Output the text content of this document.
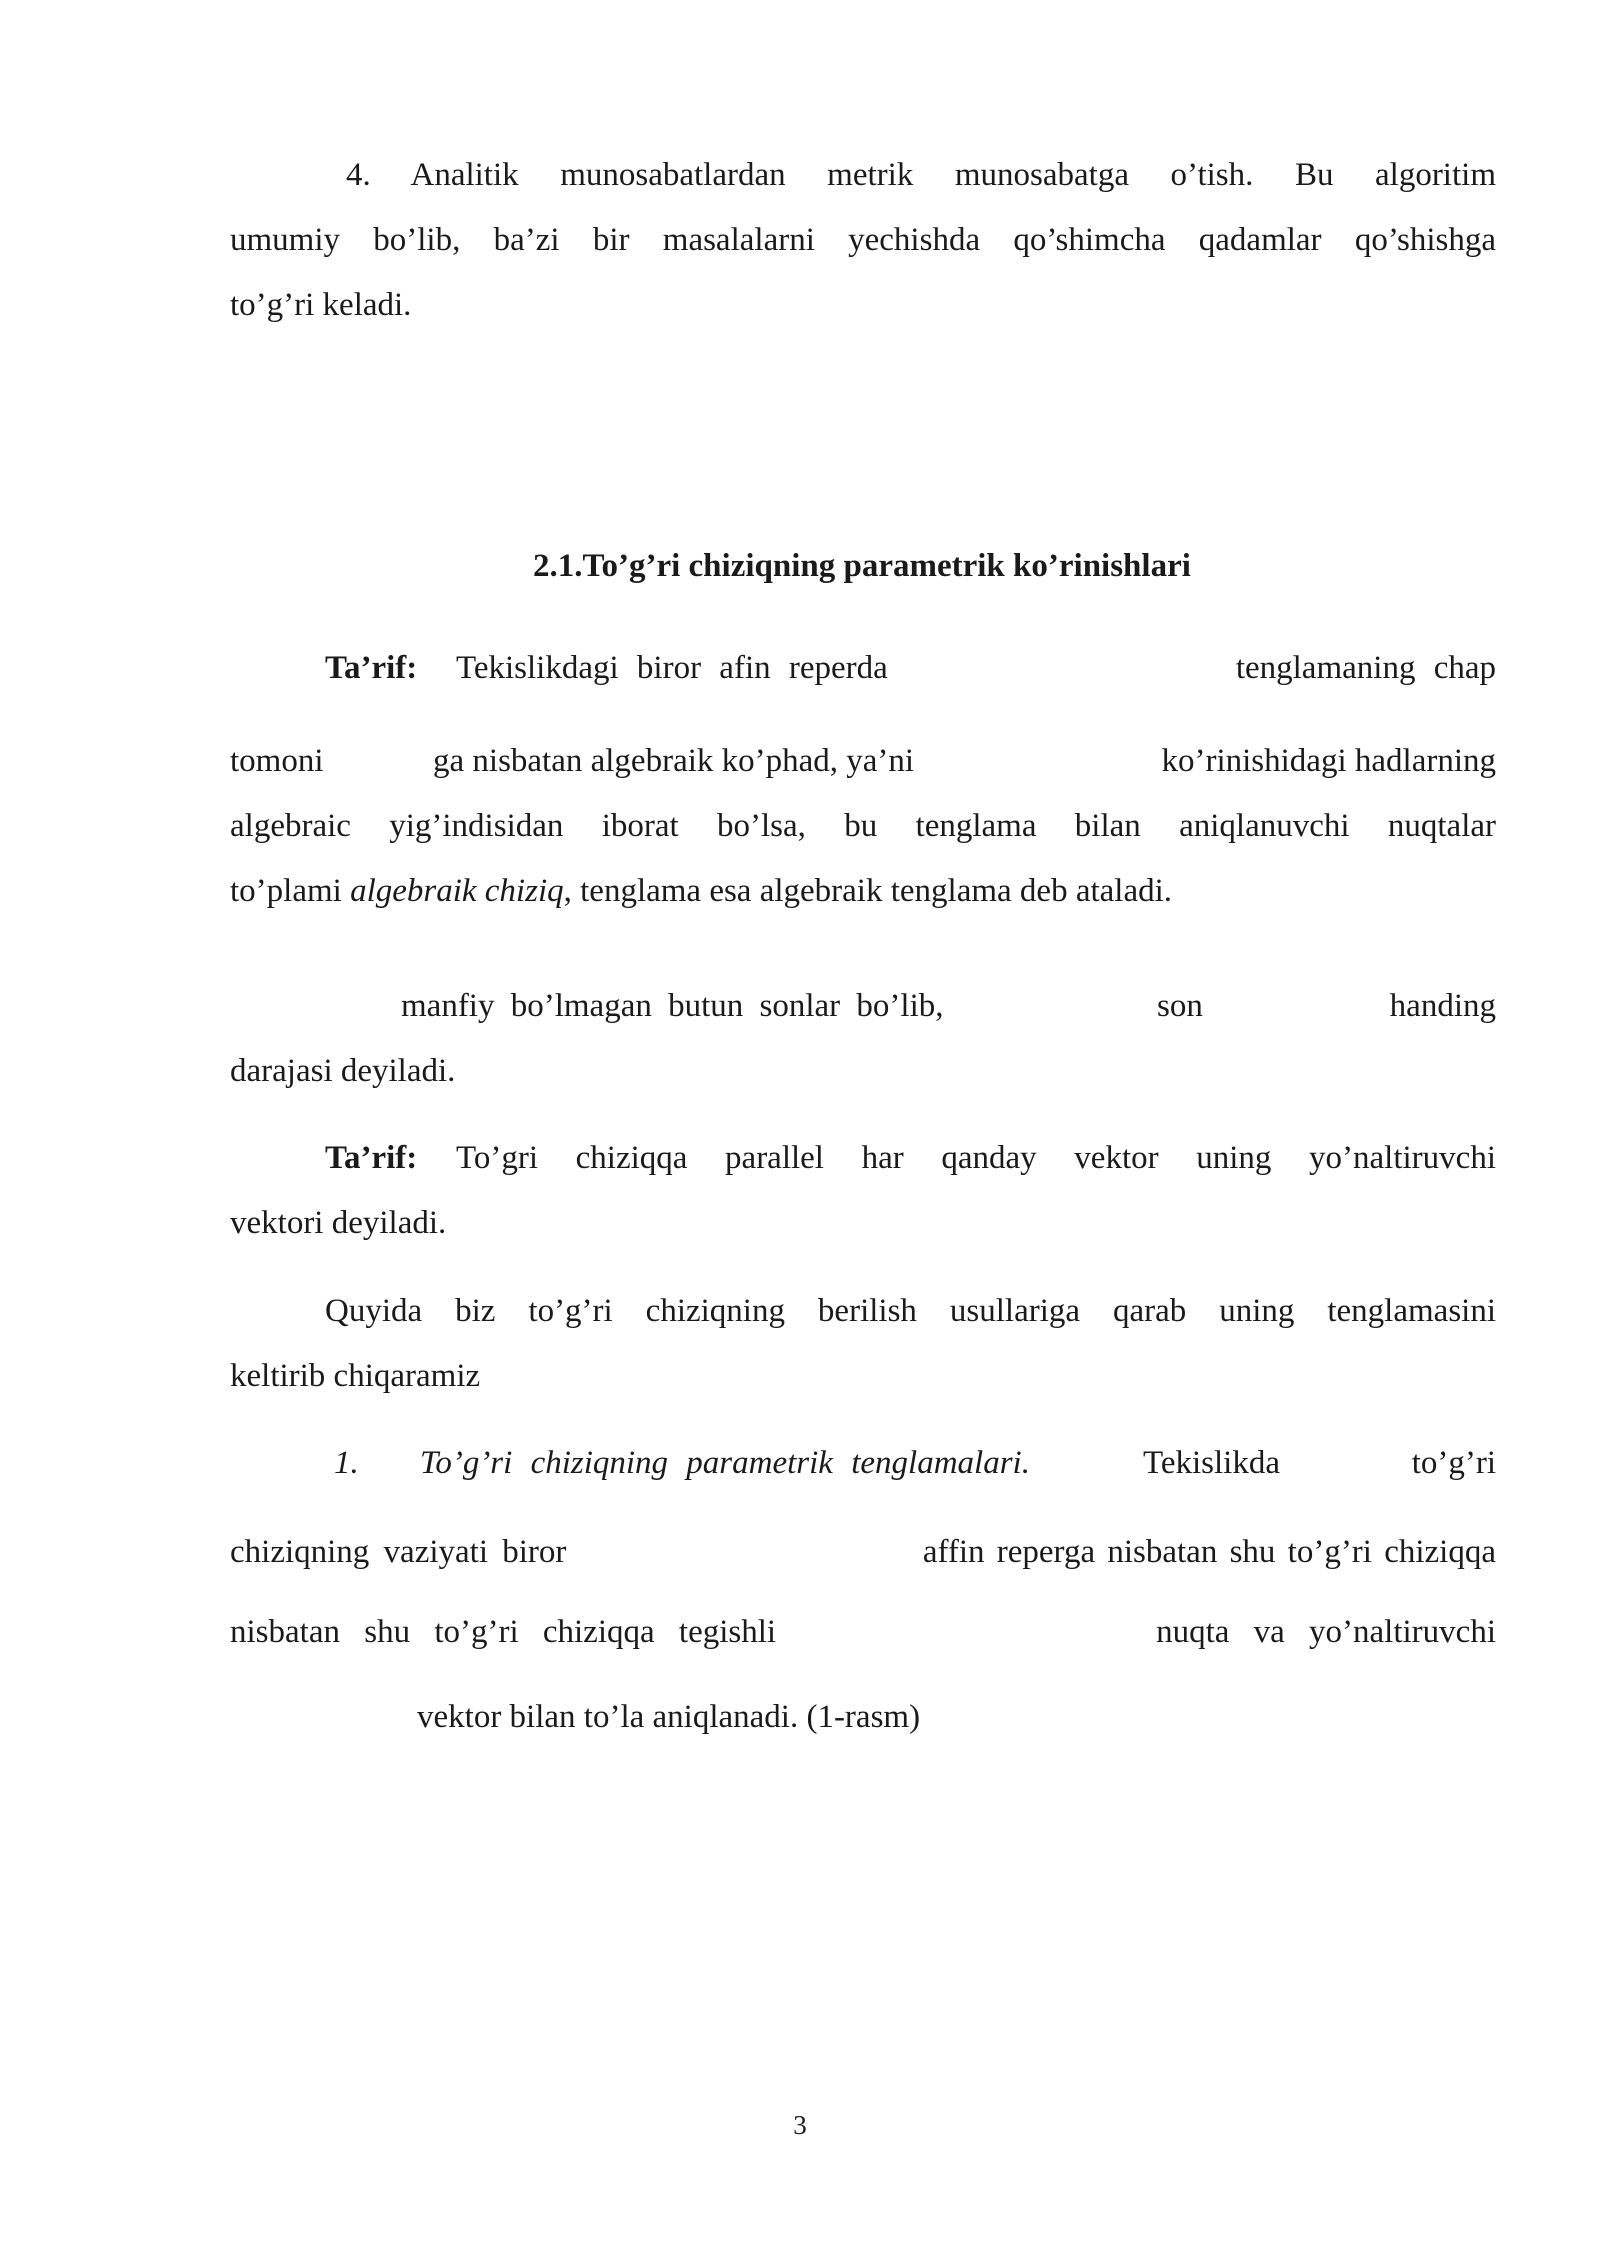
4. Analitik munosabatlardan metrik munosabatga o’tish. Bu algoritim
umumiy bo’lib, ba’zi bir masalalarni yechishda qo’shimcha qadamlar qo’shishga
to’g’ri keladi.
2.1.To’g’ri chiziqning parametrik ko’rinishlari
Ta’rif: Tekislikdagi biror afin reperda	tenglamaning chap
tomoni	ga nisbatan algebraik ko’phad, ya’ni	ko’rinishidagi hadlarning
algebraic yig’indisidan iborat bo’lsa, bu tenglama bilan aniqlanuvchi nuqtalar
to’plami algebraik chiziq, tenglama esa algebraik tenglama deb ataladi.
manfiy bo’lmagan butun sonlar bo’lib,	son	handing
darajasi deyiladi.
Ta’rif: To’gri chiziqqa parallel har qanday vektor uning yo’naltiruvchi
vektori deyiladi.
Quyida biz to’g’ri chiziqning berilish usullariga qarab uning tenglamasini
keltirib chiqaramiz
1. To’g’ri chiziqning parametrik tenglamalari.	Tekislikda	to’g’ri
chiziqning vaziyati biror	affin reperga nisbatan shu to’g’ri chiziqqa
nisbatan shu to’g’ri chiziqqa tegishli	nuqta va yo’naltiruvchi
vektor bilan to’la aniqlanadi. (1-rasm)
3
